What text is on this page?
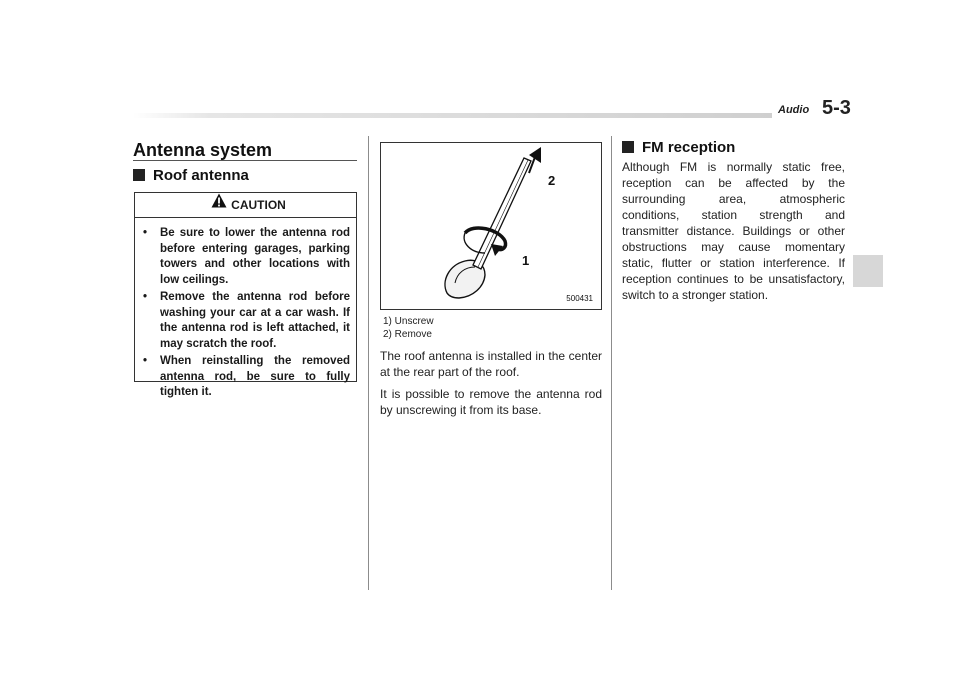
Audio 5-3
Antenna system
Roof antenna
CAUTION
• Be sure to lower the antenna rod before entering garages, parking towers and other locations with low ceilings.
• Remove the antenna rod before washing your car at a car wash. If the antenna rod is left attached, it may scratch the roof.
• When reinstalling the removed antenna rod, be sure to fully tighten it.
2
1
500431
1) Unscrew
2) Remove

The roof antenna is installed in the center at the rear part of the roof.

It is possible to remove the antenna rod by unscrewing it from its base.

FM reception

Although FM is normally static free, reception can be affected by the surrounding area, atmospheric conditions, station strength and transmitter distance. Buildings or other obstructions may cause momentary static, flutter or station interference. If reception continues to be unsatisfactory, switch to a stronger station.
